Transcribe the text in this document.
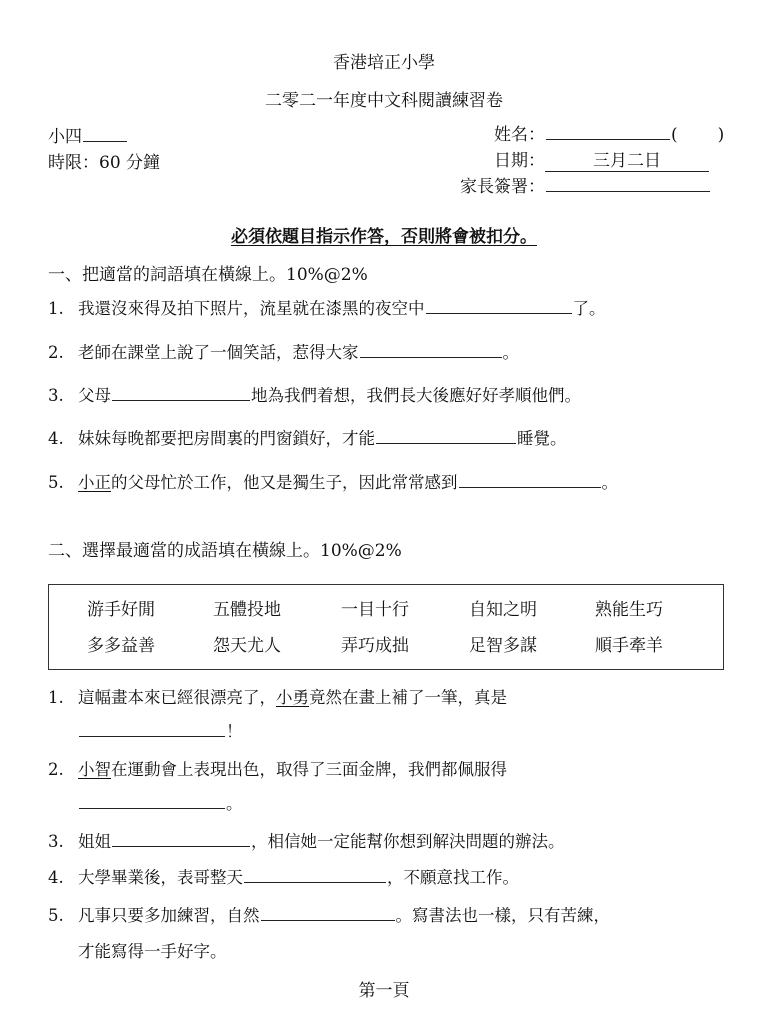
香港培正小學
二零二一年度中文科閱讀練習卷
小四
時限：60 分鐘
姓名：	( )
日期：	三月二日
家長簽署：
必須依題目指示作答，否則將會被扣分。
一、把適當的詞語填在橫線上。10%@2%
1. 我還沒來得及拍下照片，流星就在漆黑的夜空中	了。
2. 老師在課堂上說了一個笑話，惹得大家	。
3. 父母	地為我們着想，我們長大後應好好孝順他們。
4. 妹妹每晚都要把房間裏的門窗鎖好，才能	睡覺。
5. 小正的父母忙於工作，他又是獨生子，因此常常感到	。
二、選擇最適當的成語填在橫線上。10%@2%
游手好閒	五體投地	一目十行	自知之明	熟能生巧
多多益善	怨天尤人	弄巧成拙	足智多謀	順手牽羊
1. 這幅畫本來已經很漂亮了，小勇竟然在畫上補了一筆，真是
！
2. 小智在運動會上表現出色，取得了三面金牌，我們都佩服得
。
3. 姐姐	，相信她一定能幫你想到解決問題的辦法。
4. 大學畢業後，表哥整天	，不願意找工作。
5. 凡事只要多加練習，自然	。寫書法也一樣，只有苦練，
才能寫得一手好字。
第一頁
